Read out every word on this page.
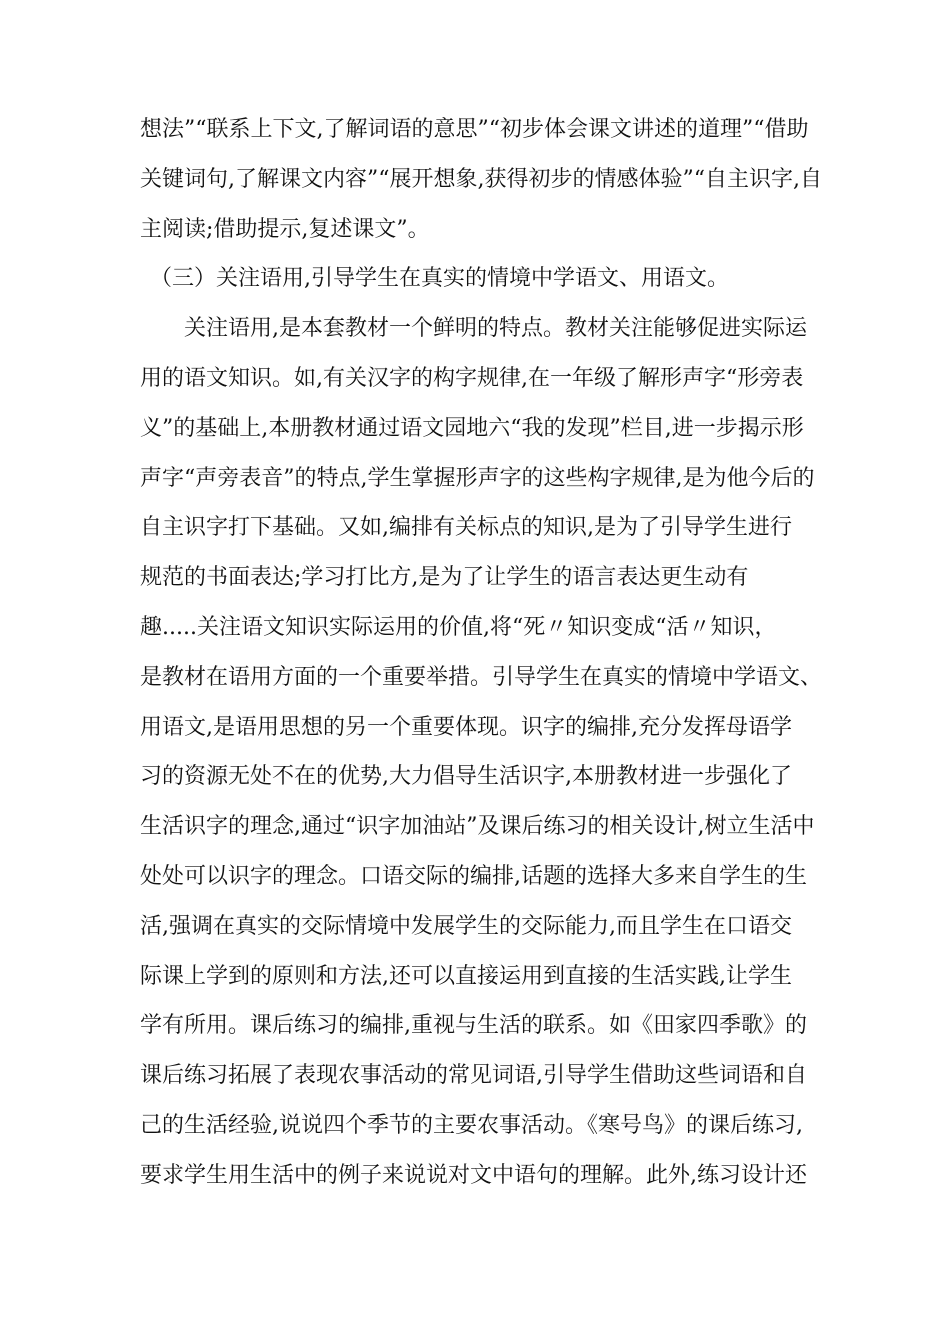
想法”“联系上下文,了解词语的意思”“初步体会课文讲述的道理”“借助
关键词句,了解课文内容”“展开想象,获得初步的情感体验”“自主识字,自
主阅读;借助提示,复述课文”。
（三）关注语用,引导学生在真实的情境中学语文、用语文。
　　关注语用,是本套教材一个鲜明的特点。教材关注能够促进实际运
用的语文知识。如,有关汉字的构字规律,在一年级了解形声字“形旁表
义”的基础上,本册教材通过语文园地六“我的发现”栏目,进一步揭示形
声字“声旁表音”的特点,学生掌握形声字的这些构字规律,是为他今后的
自主识字打下基础。又如,编排有关标点的知识,是为了引导学生进行
规范的书面表达;学习打比方,是为了让学生的语言表达更生动有
趣.....关注语文知识实际运用的价值,将“死〃知识变成“活〃知识，
是教材在语用方面的一个重要举措。引导学生在真实的情境中学语文、
用语文,是语用思想的另一个重要体现。识字的编排,充分发挥母语学
习的资源无处不在的优势,大力倡导生活识字,本册教材进一步强化了
生活识字的理念,通过“识字加油站”及课后练习的相关设计,树立生活中
处处可以识字的理念。口语交际的编排,话题的选择大多来自学生的生
活,强调在真实的交际情境中发展学生的交际能力,而且学生在口语交
际课上学到的原则和方法,还可以直接运用到直接的生活实践,让学生
学有所用。课后练习的编排,重视与生活的联系。如《田家四季歌》的
课后练习拓展了表现农事活动的常见词语,引导学生借助这些词语和自
己的生活经验,说说四个季节的主要农事活动。《寒号鸟》的课后练习,
要求学生用生活中的例子来说说对文中语句的理解。此外,练习设计还
